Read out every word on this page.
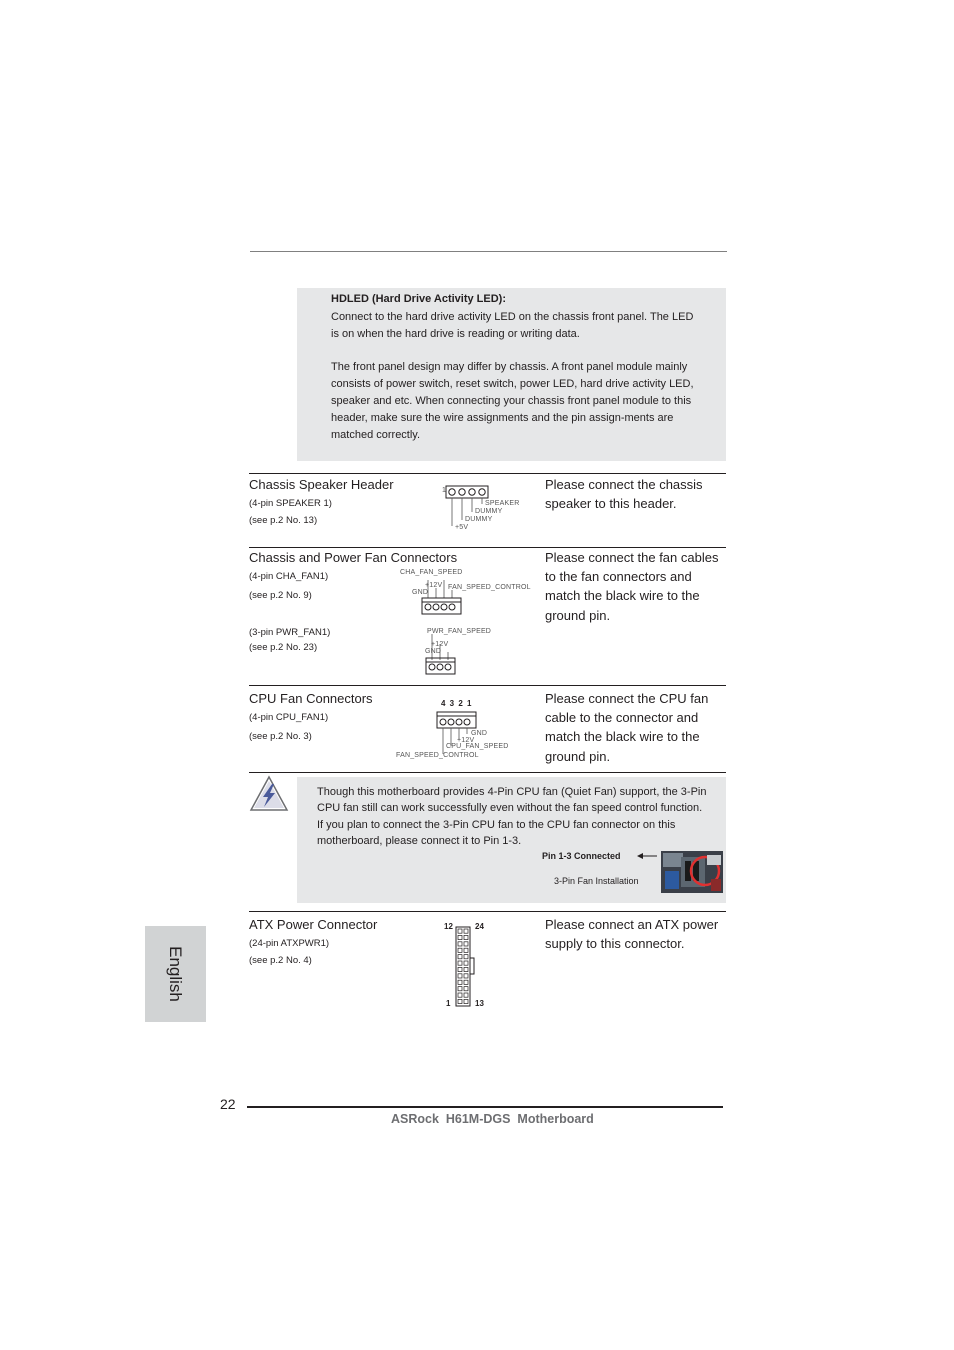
HDLED (Hard Drive Activity LED):
Connect to the hard drive activity LED on the chassis front panel. The LED
is on when the hard drive is reading or writing data.
The front panel design may differ by chassis. A front panel module mainly
consists of power switch, reset switch, power LED, hard drive activity LED,
speaker and etc. When connecting your chassis front panel module to this
header, make sure the wire assignments and the pin assign-ments are
matched correctly.
Chassis Speaker Header
(4-pin SPEAKER 1)
(see p.2 No. 13)
Please connect the chassis
speaker to this header.
1
SPEAKER
DUMMY
DUMMY
+5V
Chassis and Power Fan Connectors
(4-pin CHA_FAN1)
(see p.2 No. 9)
(3-pin PWR_FAN1)
(see p.2 No. 23)
Please connect the fan cables
to the fan connectors and
match the black wire to the
ground pin.
CHA_FAN_SPEED
+12V
GND
FAN_SPEED_CONTROL
PWR_FAN_SPEED
+12V
GND
CPU Fan Connectors
(4-pin CPU_FAN1)
(see p.2 No. 3)
Please connect the CPU fan
cable to the connector and
match the black wire to the
ground pin.
4 3 2 1
GND
+12V
CPU_FAN_SPEED
FAN_SPEED_CONTROL
Though this motherboard provides 4-Pin CPU fan (Quiet Fan) support, the 3-Pin
CPU fan still can work successfully even without the fan speed control function.
If you plan to connect the 3-Pin CPU fan to the CPU fan connector on this
motherboard, please connect it to Pin 1-3.
Pin 1-3 Connected
3-Pin Fan Installation
ATX Power Connector
(24-pin ATXPWR1)
(see p.2 No. 4)
Please connect an ATX power
supply to this connector.
12	24
1	13
English
22
ASRock  H61M-DGS  Motherboard
